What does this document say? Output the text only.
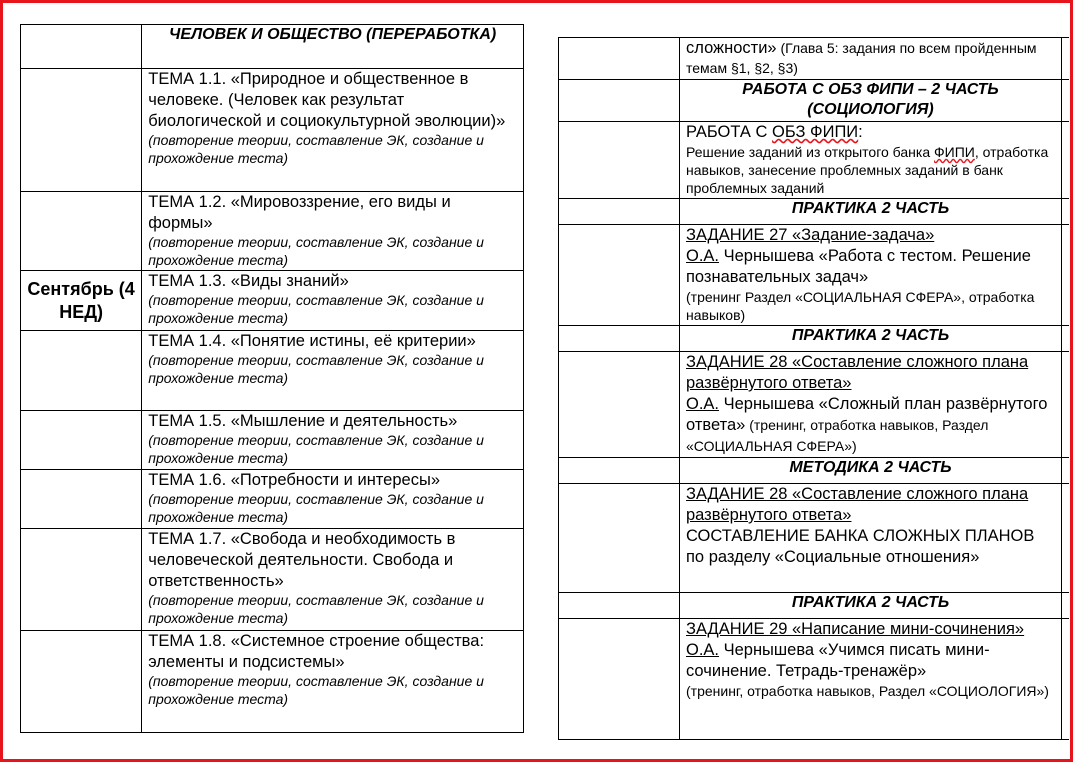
	ЧЕЛОВЕК И ОБЩЕСТВО (ПЕРЕРАБОТКА)

	ТЕМА 1.1. «Природное и общественное в человеке. (Человек как результат биологической и социокультурной эволюции)»
(повторение теории, составление ЭК, создание и прохождение теста)

	ТЕМА 1.2. «Мировоззрение, его виды и формы»
(повторение теории, составление ЭК, создание и прохождение теста)

Сентябрь (4 НЕД)	ТЕМА 1.3. «Виды знаний»
(повторение теории, составление ЭК, создание и прохождение теста)

	ТЕМА 1.4. «Понятие истины, её критерии»
(повторение теории, составление ЭК, создание и прохождение теста)

	ТЕМА 1.5. «Мышление и деятельность»
(повторение теории, составление ЭК, создание и прохождение теста)

	ТЕМА 1.6. «Потребности и интересы»
(повторение теории, составление ЭК, создание и прохождение теста)

	ТЕМА 1.7. «Свобода и необходимость в человеческой деятельности. Свобода и ответственность»
(повторение теории, составление ЭК, создание и прохождение теста)

	ТЕМА 1.8. «Системное строение общества: элементы и подсистемы»
(повторение теории, составление ЭК, создание и прохождение теста)

	сложности» (Глава 5: задания по всем пройденным темам §1, §2, §3)	

	РАБОТА С ОБЗ ФИПИ – 2 ЧАСТЬ (СОЦИОЛОГИЯ)	

	РАБОТА С ОБЗ ФИПИ:
Решение заданий из открытого банка ФИПИ, отработка навыков, занесение проблемных заданий в банк проблемных заданий	

	ПРАКТИКА 2 ЧАСТЬ	

	ЗАДАНИЕ 27 «Задание-задача»
О.А. Чернышева «Работа с тестом. Решение познавательных задач»
(тренинг Раздел «СОЦИАЛЬНАЯ СФЕРА», отработка навыков)	

	ПРАКТИКА 2 ЧАСТЬ	

	ЗАДАНИЕ 28 «Составление сложного плана развёрнутого ответа»
О.А. Чернышева «Сложный план развёрнутого ответа» (тренинг, отработка навыков, Раздел «СОЦИАЛЬНАЯ СФЕРА»)	

	МЕТОДИКА 2 ЧАСТЬ	

	ЗАДАНИЕ 28 «Составление сложного плана развёрнутого ответа»
СОСТАВЛЕНИЕ БАНКА СЛОЖНЫХ ПЛАНОВ по разделу «Социальные отношения»	

	ПРАКТИКА 2 ЧАСТЬ	

	ЗАДАНИЕ 29 «Написание мини-сочинения»
О.А. Чернышева «Учимся писать мини-сочинение. Тетрадь-тренажёр»
(тренинг, отработка навыков, Раздел «СОЦИОЛОГИЯ»)	
